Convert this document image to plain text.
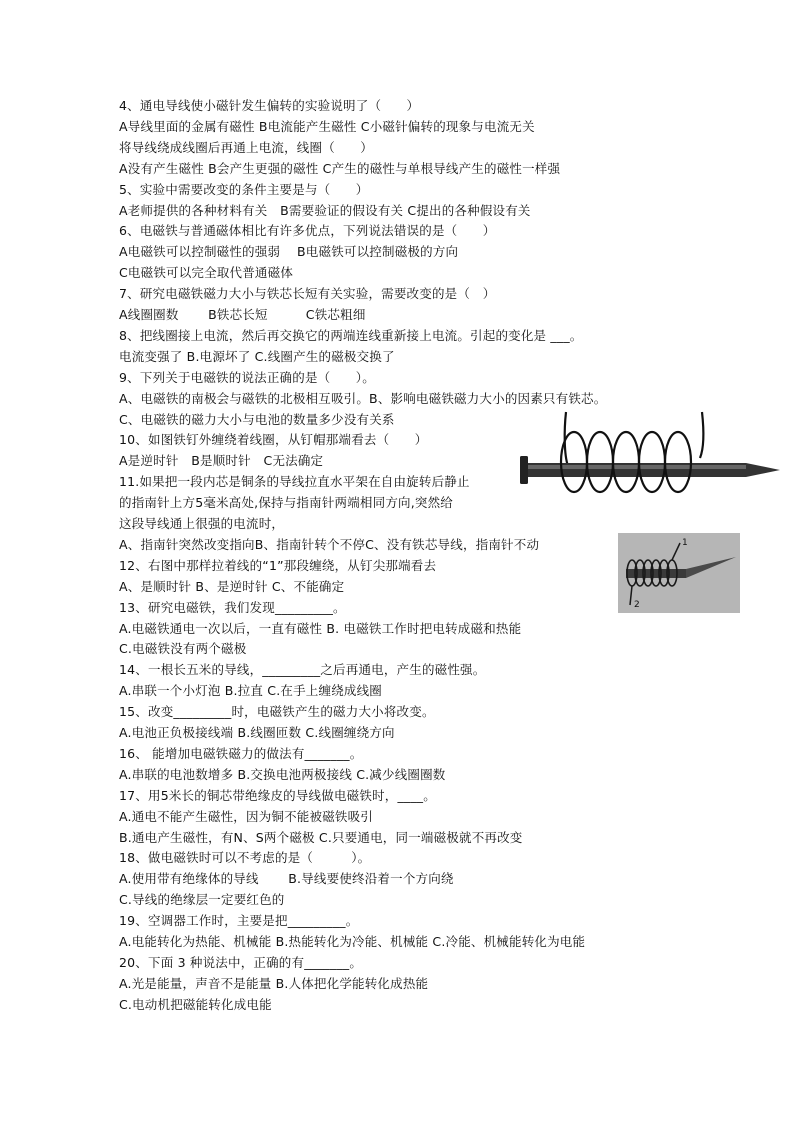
4、通电导线使小磁针发生偏转的实验说明了（　　）
A导线里面的金属有磁性 B电流能产生磁性 C小磁针偏转的现象与电流无关
将导线绕成线圈后再通上电流，线圈（　　）
A没有产生磁性 B会产生更强的磁性 C产生的磁性与单根导线产生的磁性一样强
5、实验中需要改变的条件主要是与（　　）
A老师提供的各种材料有关　B需要验证的假设有关 C提出的各种假设有关
6、电磁铁与普通磁体相比有许多优点，下列说法错误的是（　　）
A电磁铁可以控制磁性的强弱　 B电磁铁可以控制磁极的方向
C电磁铁可以完全取代普通磁体
7、研究电磁铁磁力大小与铁芯长短有关实验，需要改变的是（　）
A线圈圈数　　 B铁芯长短　　　C铁芯粗细
8、把线圈接上电流，然后再交换它的两端连线重新接上电流。引起的变化是 ___。
电流变强了 B.电源坏了 C.线圈产生的磁极交换了
9、下列关于电磁铁的说法正确的是（　　）。
A、电磁铁的南极会与磁铁的北极相互吸引。B、影响电磁铁磁力大小的因素只有铁芯。
C、电磁铁的磁力大小与电池的数量多少没有关系
10、如图铁钉外缠绕着线圈，从钉帽那端看去（　　）
A是逆时针　B是顺时针　C无法确定
11.如果把一段内芯是铜条的导线拉直水平架在自由旋转后静止
的指南针上方5毫米高处,保持与指南针两端相同方向,突然给
这段导线通上很强的电流时，
A、指南针突然改变指向B、指南针转个不停C、没有铁芯导线，指南针不动
12、右图中那样拉着线的“1”那段缠绕，从钉尖那端看去
A、是顺时针 B、是逆时针 C、不能确定
13、研究电磁铁，我们发现_________。
A.电磁铁通电一次以后，一直有磁性 B. 电磁铁工作时把电转成磁和热能
C.电磁铁没有两个磁极
14、一根长五米的导线，_________之后再通电，产生的磁性强。
A.串联一个小灯泡 B.拉直 C.在手上缠绕成线圈
15、改变_________时，电磁铁产生的磁力大小将改变。
A.电池正负极接线端 B.线圈匝数 C.线圈缠绕方向
16、 能增加电磁铁磁力的做法有_______。
A.串联的电池数增多 B.交换电池两极接线 C.减少线圈圈数
17、用5米长的铜芯带绝缘皮的导线做电磁铁时，____。
A.通电不能产生磁性，因为铜不能被磁铁吸引
B.通电产生磁性，有N、S两个磁极 C.只要通电，同一端磁极就不再改变
18、做电磁铁时可以不考虑的是（　　　）。
A.使用带有绝缘体的导线　　 B.导线要使终沿着一个方向绕
C.导线的绝缘层一定要红色的
19、空调器工作时，主要是把_________。
A.电能转化为热能、机械能 B.热能转化为冷能、机械能 C.冷能、机械能转化为电能
20、下面 3 种说法中，正确的有_______。
A.光是能量，声音不是能量 B.人体把化学能转化成热能
C.电动机把磁能转化成电能
1
2
